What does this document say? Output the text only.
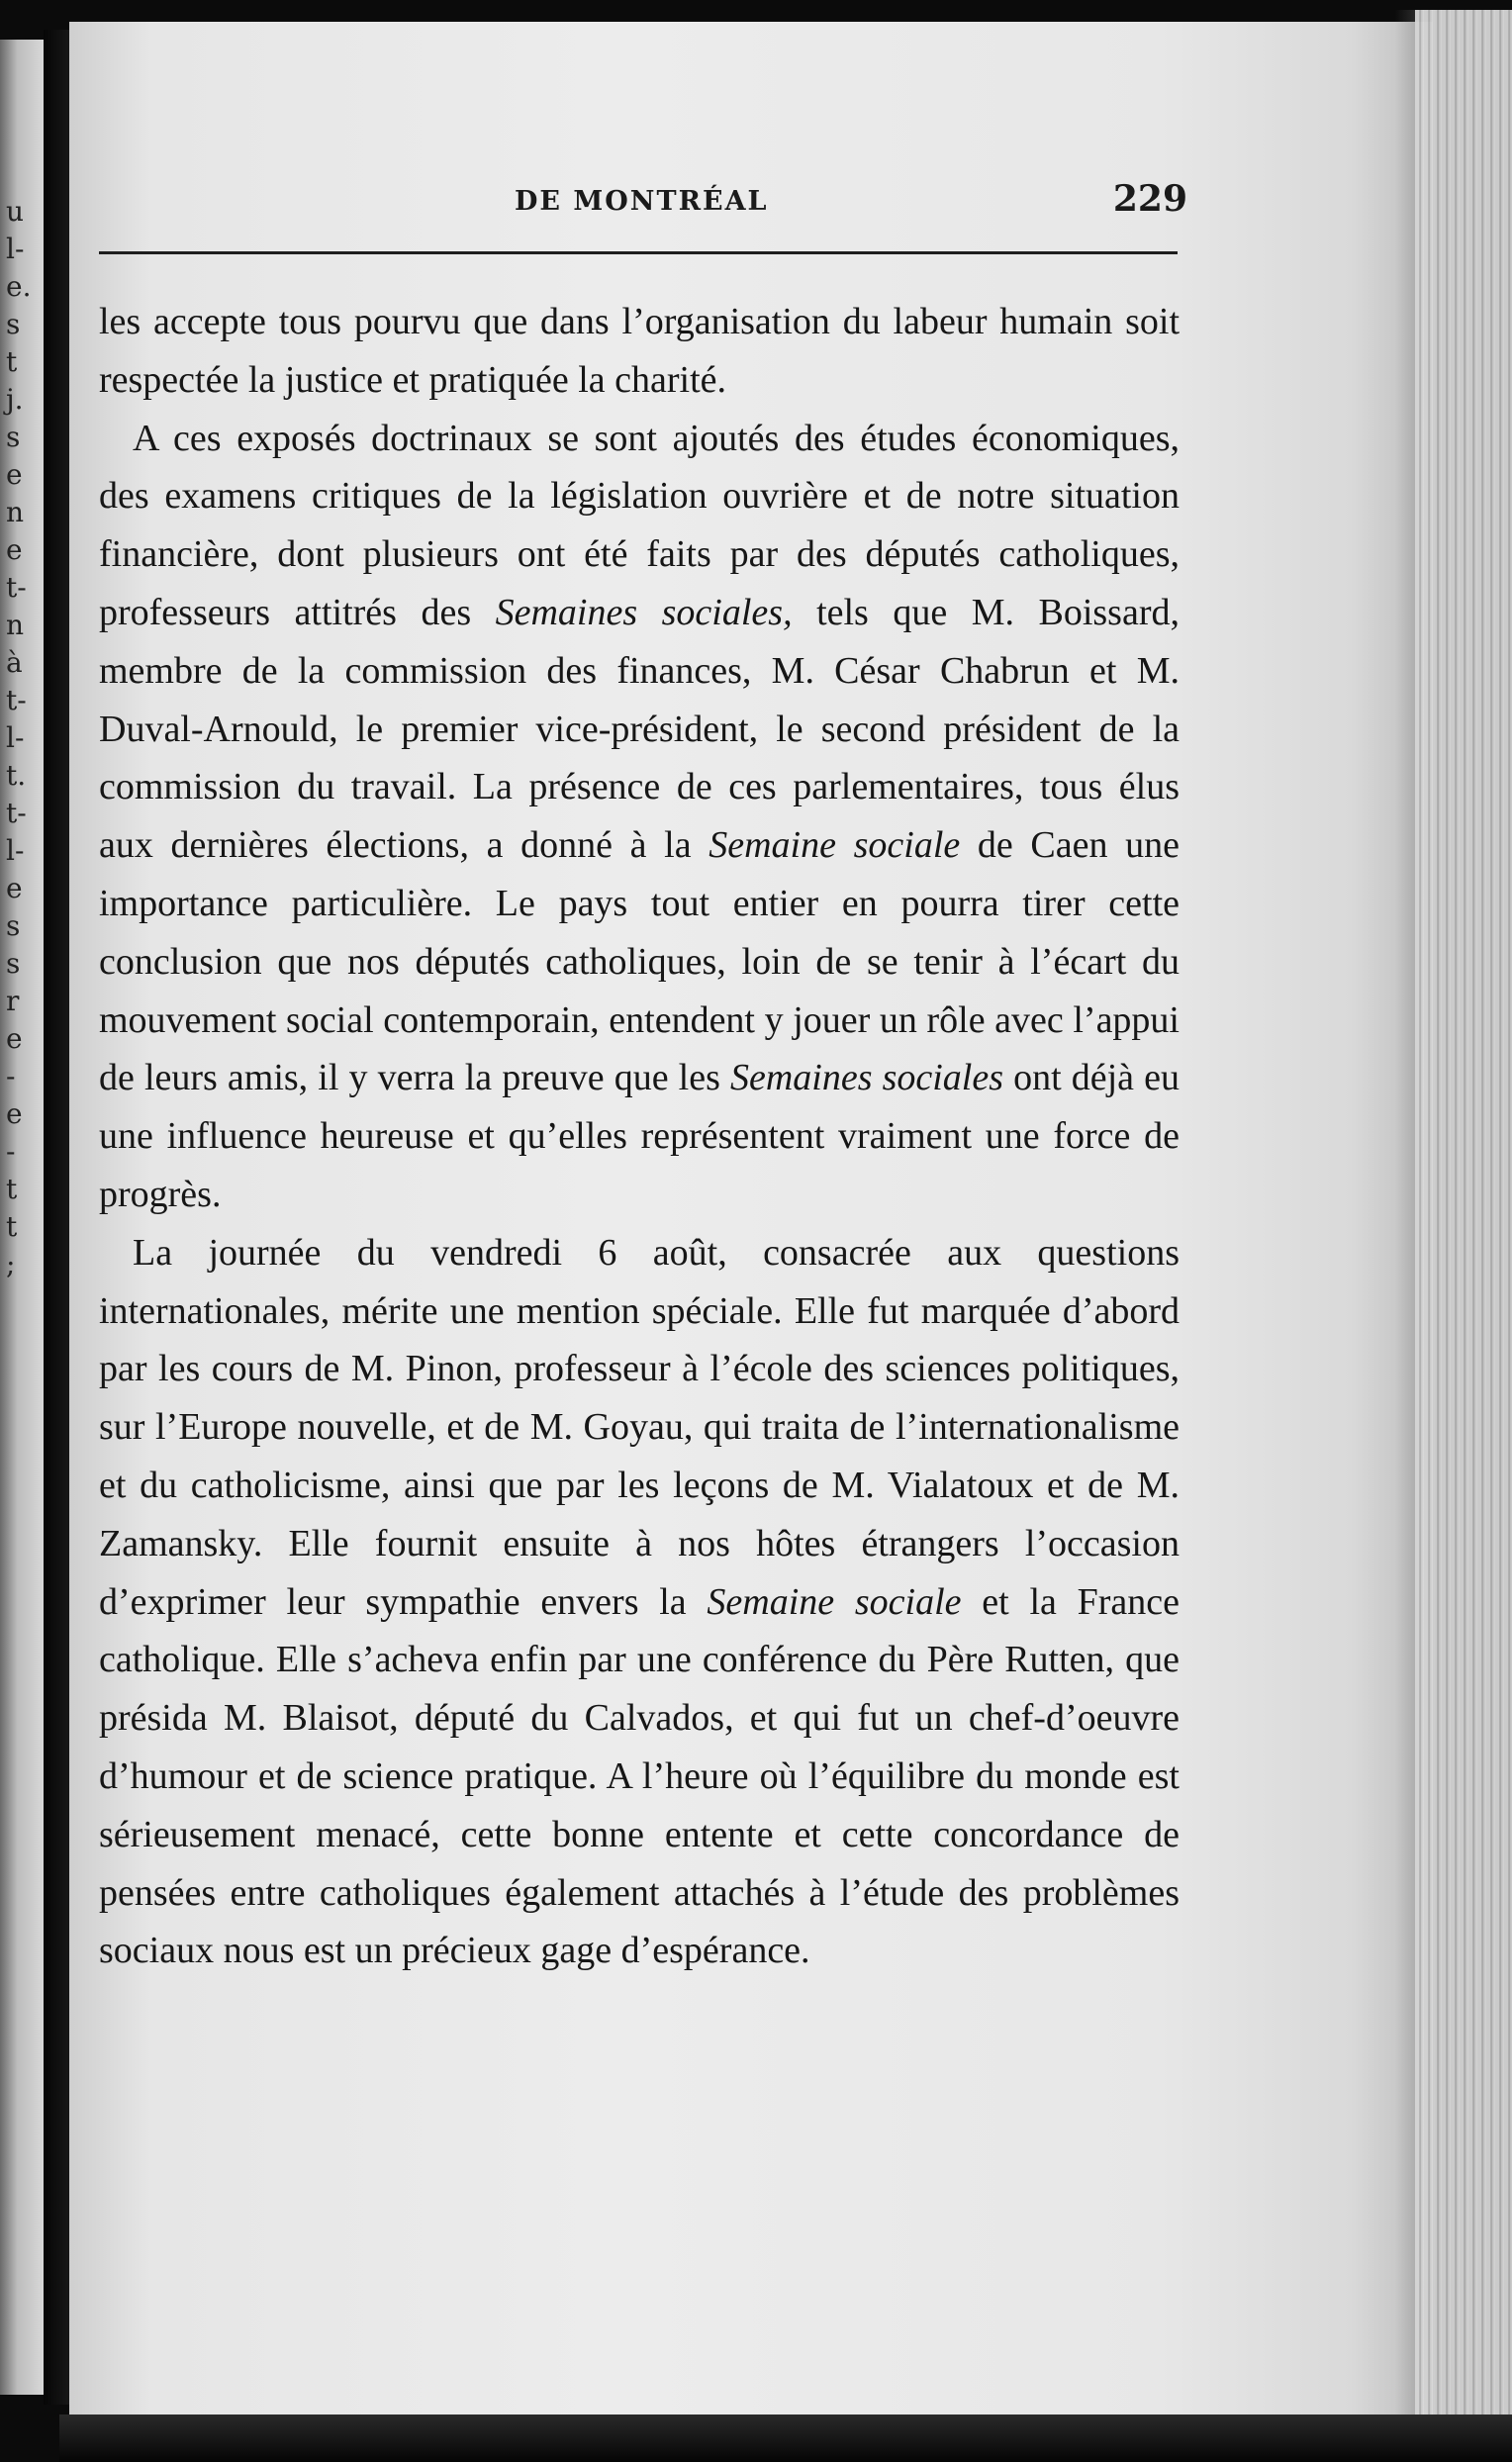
u
l-
e.
s
t
j.
s
e
n
e
t-
n
à
t-
l-
t.
t-
l-
e
s
s
r
e
-
e
-
t
t
;
DE MONTRÉAL	229

les accepte tous pourvu que dans l’organisation du labeur humain soit respectée la justice et pratiquée la charité.

A ces exposés doctrinaux se sont ajoutés des études économiques, des examens critiques de la législation ouvrière et de notre situation financière, dont plusieurs ont été faits par des députés catholiques, professeurs attitrés des Semaines sociales, tels que M. Boissard, membre de la commission des finances, M. César Chabrun et M. Duval-Arnould, le premier vice-président, le second président de la commission du travail. La présence de ces parlementaires, tous élus aux dernières élections, a donné à la Semaine sociale de Caen une importance particulière. Le pays tout entier en pourra tirer cette conclusion que nos députés catholiques, loin de se tenir à l’écart du mouvement social contemporain, entendent y jouer un rôle avec l’appui de leurs amis, il y verra la preuve que les Semaines sociales ont déjà eu une influence heureuse et qu’elles représentent vraiment une force de progrès.

La journée du vendredi 6 août, consacrée aux questions internationales, mérite une mention spéciale. Elle fut marquée d’abord par les cours de M. Pinon, professeur à l’école des sciences politiques, sur l’Europe nouvelle, et de M. Goyau, qui traita de l’internationalisme et du catholicisme, ainsi que par les leçons de M. Vialatoux et de M. Zamansky. Elle fournit ensuite à nos hôtes étrangers l’occasion d’exprimer leur sympathie envers la Semaine sociale et la France catholique. Elle s’acheva enfin par une conférence du Père Rutten, que présida M. Blaisot, député du Calvados, et qui fut un chef-d’oeuvre d’humour et de science pratique. A l’heure où l’équilibre du monde est sérieusement menacé, cette bonne entente et cette concordance de pensées entre catholiques également attachés à l’étude des problèmes sociaux nous est un précieux gage d’espérance.
